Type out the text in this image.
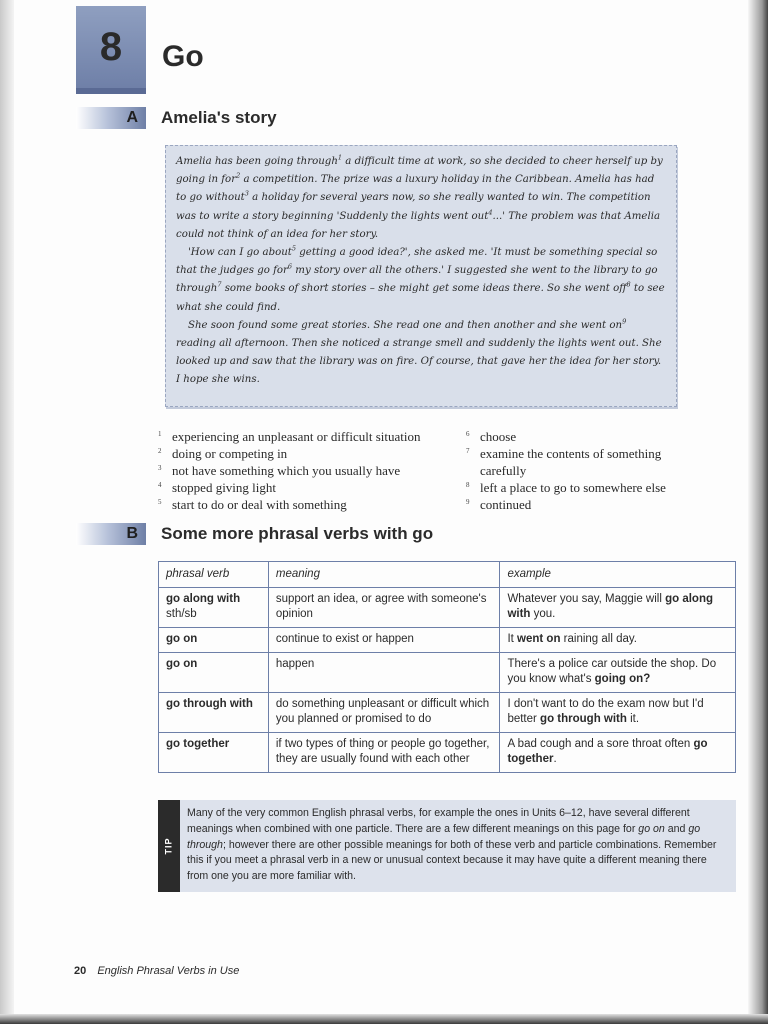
8 Go
A Amelia's story

Amelia has been going through$^1$ a difficult time at work, so she decided to cheer herself up by going in for$^2$ a competition. The prize was a luxury holiday in the Caribbean. Amelia has had to go without$^3$ a holiday for several years now, so she really wanted to win. The competition was to write a story beginning 'Suddenly the lights went out$^4$...' The problem was that Amelia could not think of an idea for her story.

'How can I go about$^5$ getting a good idea?', she asked me. 'It must be something special so that the judges go for$^6$ my story over all the others.' I suggested she went to the library to go through$^7$ some books of short stories – she might get some ideas there. So she went off$^8$ to see what she could find.

She soon found some great stories. She read one and then another and she went $on^9$ reading all afternoon. Then she noticed a strange smell and suddenly the lights went out. She looked up and saw that the library was on fire. Of course, that gave her the idea for her story. I hope she wins.

1 experiencing an unpleasant or difficult situation
2 doing or competing in
3 not have something which you usually have
4 stopped giving light
5 start to do or deal with something
6 choose
7 examine the contents of something carefully
8 left a place to go to somewhere else
9 continued
B Some more phrasal verbs with go
phrasal verb	meaning	example
go along with
sth/sb	support an idea, or agree with someone's opinion	Whatever you say, Maggie will go along with you.
go on	continue to exist or happen	It went on raining all day.
go on	happen	There's a police car outside the shop. Do you know what's going on?
go through with	do something unpleasant or difficult which you planned or promised to do	I don't want to do the exam now but I'd better go through with it.
go together	if two types of thing or people go together, they are usually found with each other	A bad cough and a sore throat often go together.
TIP
Many of the very common English phrasal verbs, for example the ones in Units 6–12, have several different meanings when combined with one particle. There are a few different meanings on this page for go on and go through; however there are other possible meanings for both of these verb and particle combinations. Remember this if you meet a phrasal verb in a new or unusual context because it may have quite a different meaning there from one you are more familiar with.
20 English Phrasal Verbs in Use
